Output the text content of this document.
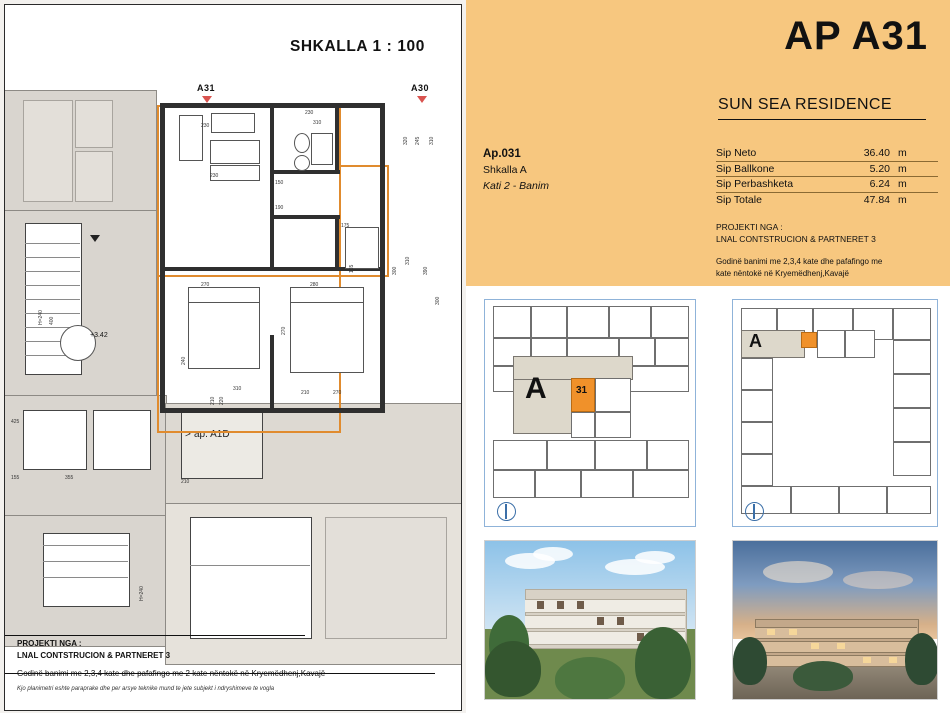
SHKALLA 1 : 100
+3.42
H=240 400
425
155	355
H=240
ap. A1D
>
210 220
210
A31	A30
230	310
230
150
190
165
175
300
310
390
300
270	280
270
240
210	270
320 245 310
230
310
PROJEKTI NGA :
LNAL CONTSTRUCION & PARTNERET 3
Kjo planimetri eshte paraprake dhe per arsye teknike mund te jete subjekt i ndryshimeve te vogla
AP A31
SUN SEA RESIDENCE
Ap.031
Shkalla A
Kati 2 - Banim
Sip Neto	36.40 m
Sip Ballkone	5.20 m
Sip Perbashketa	6.24 m
Sip Totale	47.84 m
PROJEKTI NGA :
LNAL CONTSTRUCION & PARTNERET 3
Godinë banimi me 2,3,4 kate dhe pafafingo me
kate nëntokë në Kryemëdhenj,Kavajë
A	31
A
